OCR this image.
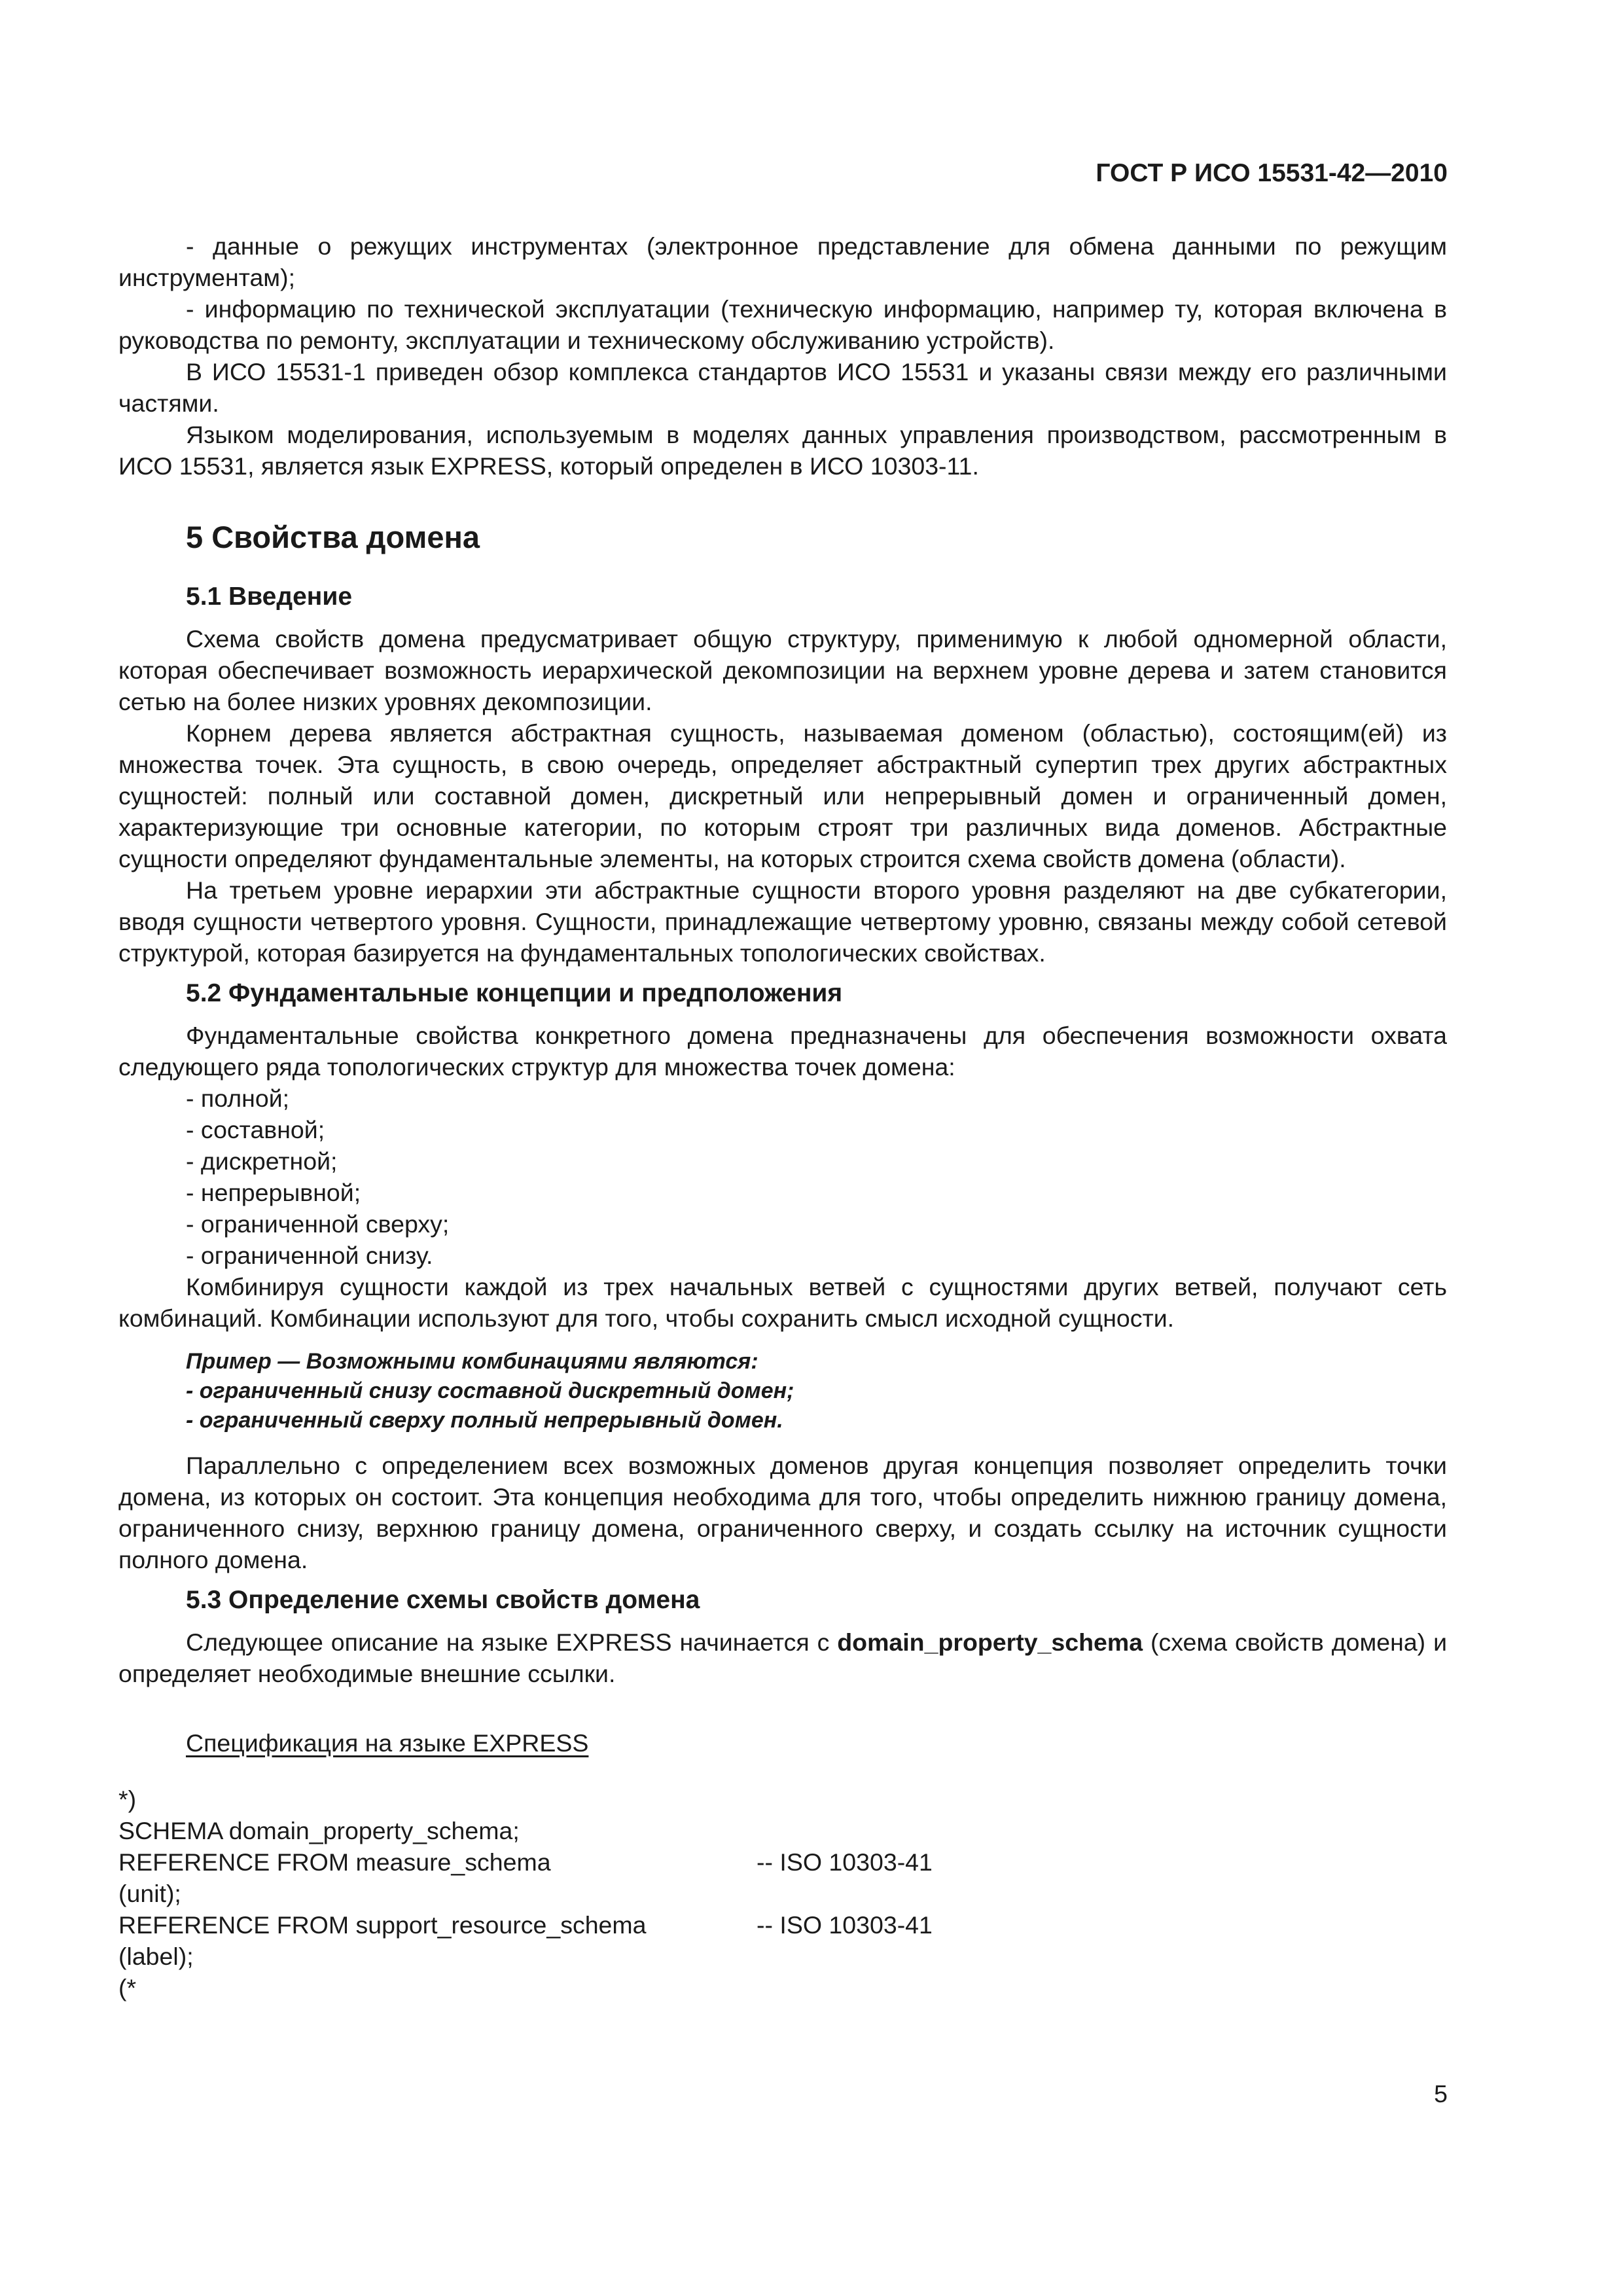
ГОСТ Р ИСО 15531-42—2010

- данные о режущих инструментах (электронное представление для обмена данными по режущим инструментам);

- информацию по технической эксплуатации (техническую информацию, например ту, которая включена в руководства по ремонту, эксплуатации и техническому обслуживанию устройств).

В ИСО 15531-1 приведен обзор комплекса стандартов ИСО 15531 и указаны связи между его различными частями.

Языком моделирования, используемым в моделях данных управления производством, рассмотренным в ИСО 15531, является язык EXPRESS, который определен в ИСО 10303-11.

5 Свойства домена
5.1 Введение

Схема свойств домена предусматривает общую структуру, применимую к любой одномерной области, которая обеспечивает возможность иерархической декомпозиции на верхнем уровне дерева и затем становится сетью на более низких уровнях декомпозиции.

Корнем дерева является абстрактная сущность, называемая доменом (областью), состоящим(ей) из множества точек. Эта сущность, в свою очередь, определяет абстрактный супертип трех других абстрактных сущностей: полный или составной домен, дискретный или непрерывный домен и ограниченный домен, характеризующие три основные категории, по которым строят три различных вида доменов. Абстрактные сущности определяют фундаментальные элементы, на которых строится схема свойств домена (области).

На третьем уровне иерархии эти абстрактные сущности второго уровня разделяют на две субкатегории, вводя сущности четвертого уровня. Сущности, принадлежащие четвертому уровню, связаны между собой сетевой структурой, которая базируется на фундаментальных топологических свойствах.

5.2 Фундаментальные концепции и предположения

Фундаментальные свойства конкретного домена предназначены для обеспечения возможности охвата следующего ряда топологических структур для множества точек домена:

- полной;
- составной;
- дискретной;
- непрерывной;
- ограниченной сверху;
- ограниченной снизу.

Комбинируя сущности каждой из трех начальных ветвей с сущностями других ветвей, получают сеть комбинаций. Комбинации используют для того, чтобы сохранить смысл исходной сущности.

Пример — Возможными комбинациями являются:
- ограниченный снизу составной дискретный домен;
- ограниченный сверху полный непрерывный домен.

Параллельно с определением всех возможных доменов другая концепция позволяет определить точки домена, из которых он состоит. Эта концепция необходима для того, чтобы определить нижнюю границу домена, ограниченного снизу, верхнюю границу домена, ограниченного сверху, и создать ссылку на источник сущности полного домена.

5.3 Определение схемы свойств домена

Следующее описание на языке EXPRESS начинается с domain_property_schema (схема свойств домена) и определяет необходимые внешние ссылки.

Спецификация на языке EXPRESS
*)
SCHEMA domain_property_schema;
REFERENCE FROM measure_schema	-- ISO 10303-41
(unit);
REFERENCE FROM support_resource_schema	-- ISO 10303-41
(label);
(*
5
